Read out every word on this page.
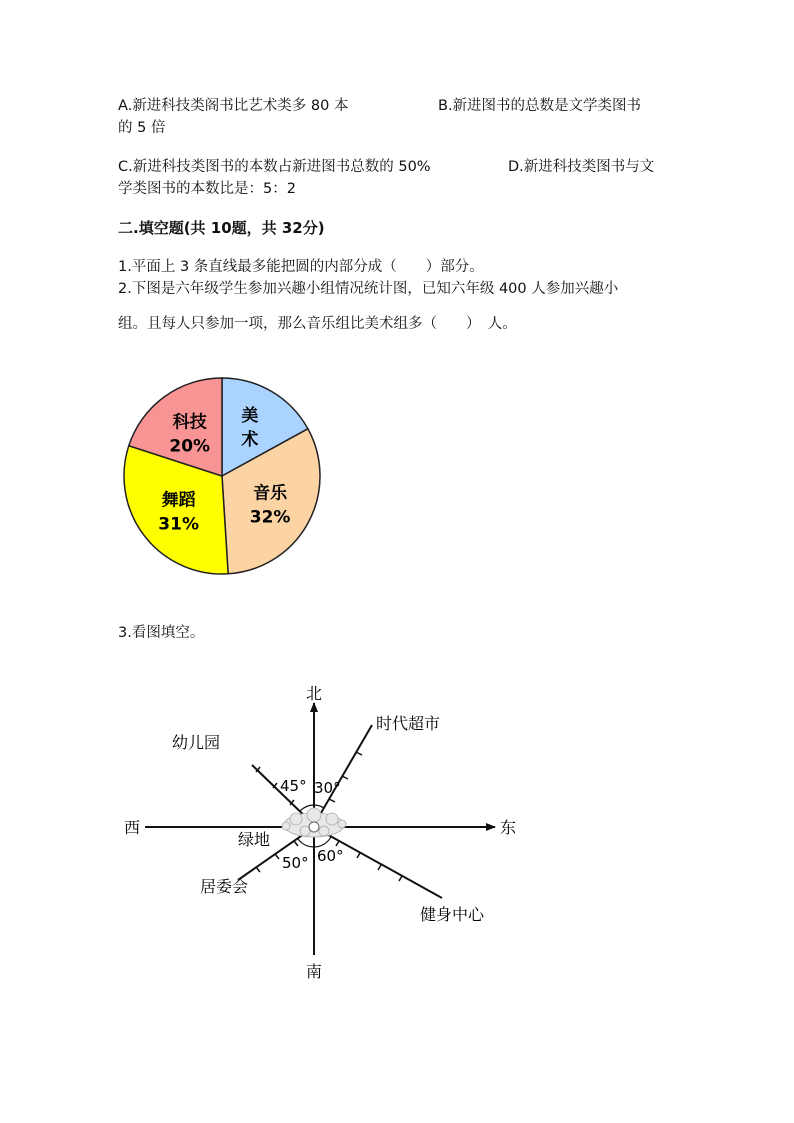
A.新进科技类阁书比艺术类多 80 本	B.新进图书的总数是文学类图书
的 5 倍
C.新进科技类图书的本数占新进图书总数的 50%	D.新进科技类图书与文
学类图书的本数比是：5：2
二.填空题(共 10题，共 32分)
1.平面上 3 条直线最多能把圆的内部分成（　　）部分。
2.下图是六年级学生参加兴趣小组情况统计图，已知六年级 400 人参加兴趣小
组。且每人只参加一项，那么音乐组比美术组多（　　）　人。
美
术
音乐
32%
舞蹈
31%
科技
20%
3.看图填空。
北
南
东
西
绿地
时代超市
幼儿园
居委会
健身中心
45° 30°
50° 60°
